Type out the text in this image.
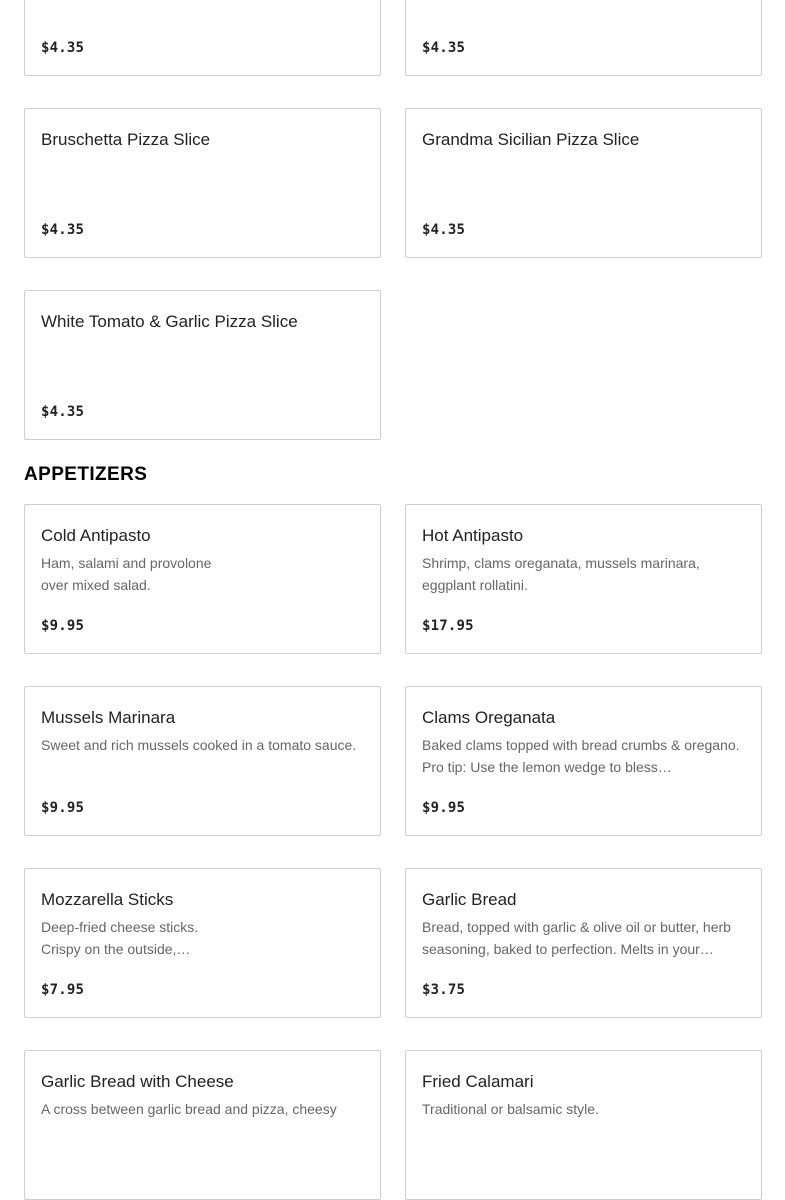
$4.35	$4.35
Bruschetta Pizza Slice
$4.35
Grandma Sicilian Pizza Slice
$4.35
White Tomato & Garlic Pizza Slice
$4.35
APPETIZERS
Cold Antipasto
Ham, salami and provolone over mixed salad.
$9.95
Hot Antipasto
Shrimp, clams oreganata, mussels marinara, eggplant rollatini.
$17.95
Mussels Marinara
Sweet and rich mussels cooked in a tomato sauce.
$9.95
Clams Oreganata
Baked clams topped with bread crumbs & oregano. Pro tip: Use the lemon wedge to bless…
$9.95
Mozzarella Sticks
Deep-fried cheese sticks. Crispy on the outside,…
$7.95
Garlic Bread
Bread, topped with garlic & olive oil or butter, herb seasoning, baked to perfection. Melts in your…
$3.75
Garlic Bread with Cheese
A cross between garlic bread and pizza, cheesy
Fried Calamari
Traditional or balsamic style.
